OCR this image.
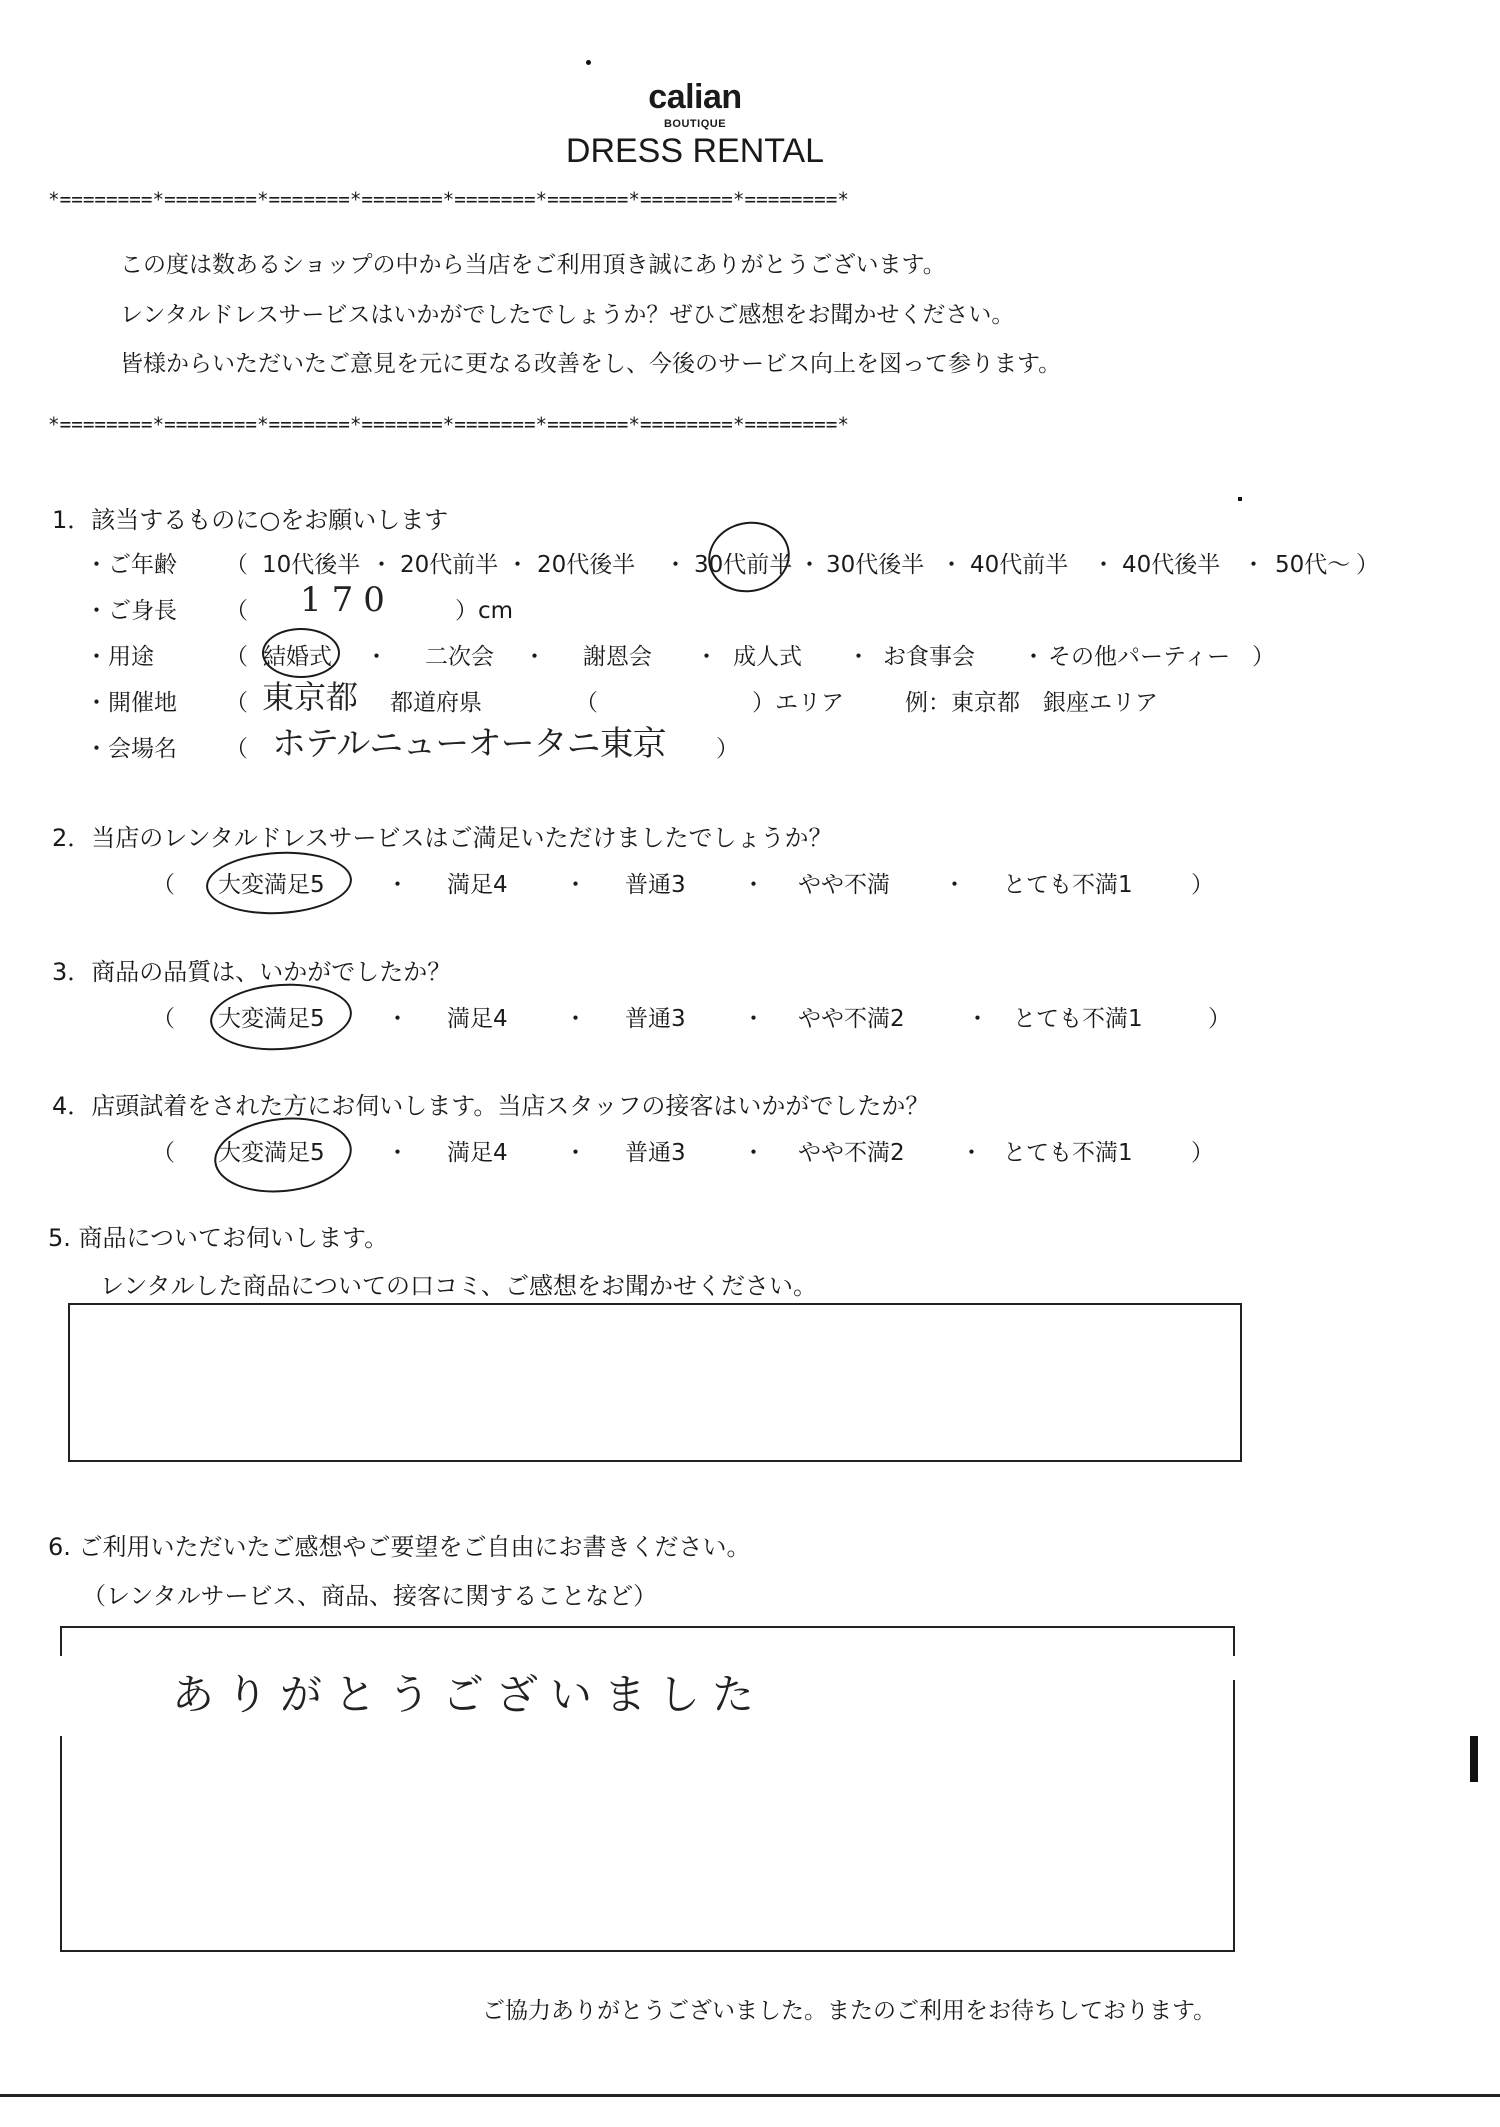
calian
BOUTIQUE
DRESS RENTAL
*========*========*=======*=======*=======*=======*========*========*
この度は数あるショップの中から当店をご利用頂き誠にありがとうございます。
レンタルドレスサービスはいかがでしたでしょうか？ぜひご感想をお聞かせください。
皆様からいただいたご意見を元に更なる改善をし、今後のサービス向上を図って参ります。
*========*========*=======*=======*=======*=======*========*========*
1．該当するものに○をお願いします
・ご年齢 （ 10代後半 ・ 20代前半 ・ 20代後半 ・ 30代前半 ・ 30代後半 ・ 40代前半 ・ 40代後半 ・ 50代～ ）
・ご身長 （ 170	）cm
・用途	（ 結婚式 ・ 二次会 ・ 謝恩会 ・ 成人式 ・ お食事会 ・ その他パーティー ）
・開催地 （ 東京都 都道府県	（	）エリア	例：東京都　銀座エリア
・会場名 （ ホテルニューオータニ東京 ）
2．当店のレンタルドレスサービスはご満足いただけましたでしょうか？
（ 大変満足5	・ 満足4 ・ 普通3 ・ やや不満 ・ とても不満1	）
3．商品の品質は、いかがでしたか？
（ 大変満足5	・ 満足4 ・ 普通3 ・ やや不満2	・ とても不満1	）
4．店頭試着をされた方にお伺いします。当店スタッフの接客はいかがでしたか？
（ 大変満足5	・ 満足4 ・ 普通3 ・ やや不満2 ・ とても不満1	）
5. 商品についてお伺いします。
レンタルした商品についての口コミ、ご感想をお聞かせください。
6. ご利用いただいたご感想やご要望をご自由にお書きください。
（レンタルサービス、商品、接客に関することなど）
ありがとうございました
ご協力ありがとうございました。またのご利用をお待ちしております。
